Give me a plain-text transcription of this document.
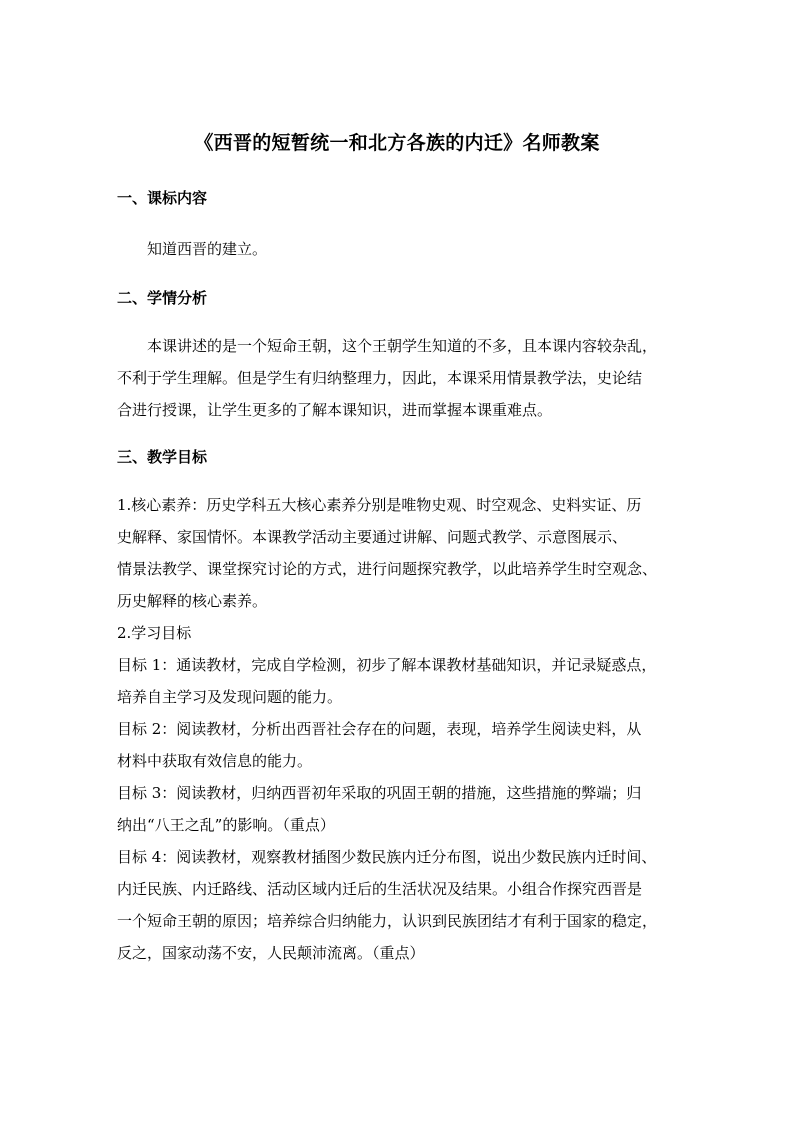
《西晋的短暂统一和北方各族的内迁》名师教案
一、课标内容
知道西晋的建立。
二、学情分析
本课讲述的是一个短命王朝，这个王朝学生知道的不多，且本课内容较杂乱，
不利于学生理解。但是学生有归纳整理力，因此，本课采用情景教学法，史论结
合进行授课，让学生更多的了解本课知识，进而掌握本课重难点。
三、教学目标
1.核心素养：历史学科五大核心素养分别是唯物史观、时空观念、史料实证、历
史解释、家国情怀。本课教学活动主要通过讲解、问题式教学、示意图展示、
情景法教学、课堂探究讨论的方式，进行问题探究教学，以此培养学生时空观念、
历史解释的核心素养。
2.学习目标
目标 1：通读教材，完成自学检测，初步了解本课教材基础知识，并记录疑惑点，
培养自主学习及发现问题的能力。
目标 2：阅读教材，分析出西晋社会存在的问题，表现，培养学生阅读史料，从
材料中获取有效信息的能力。
目标 3：阅读教材，归纳西晋初年采取的巩固王朝的措施，这些措施的弊端；归
纳出“八王之乱”的影响。（重点）
目标 4：阅读教材，观察教材插图少数民族内迁分布图，说出少数民族内迁时间、
内迁民族、内迁路线、活动区域内迁后的生活状况及结果。小组合作探究西晋是
一个短命王朝的原因；培养综合归纳能力，认识到民族团结才有利于国家的稳定，
反之，国家动荡不安，人民颠沛流离。（重点）
